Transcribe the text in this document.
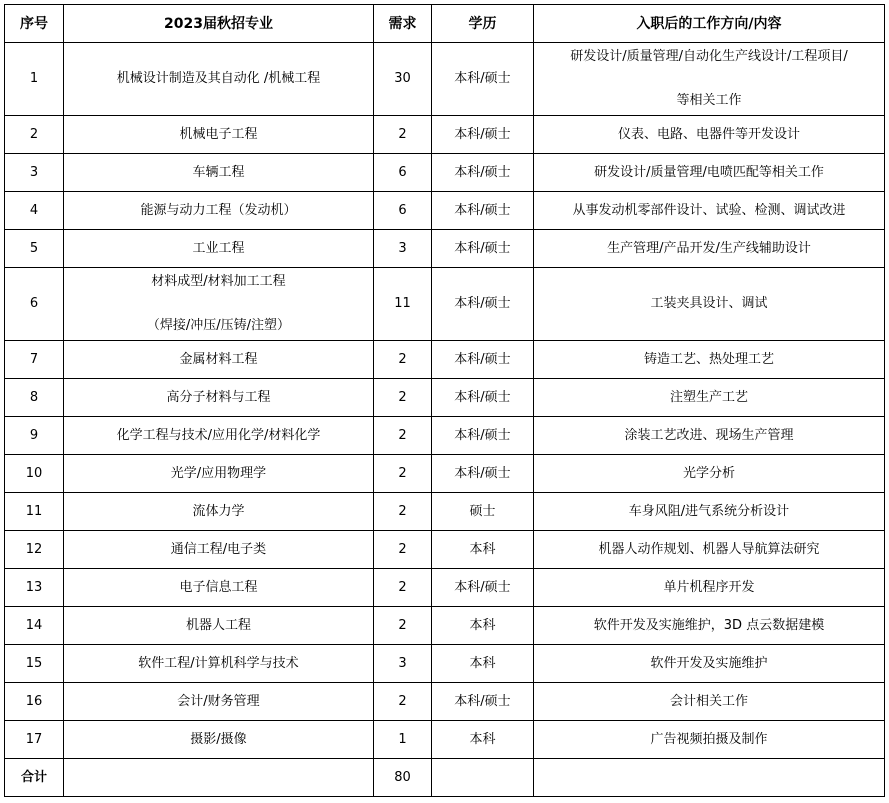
序号	2023届秋招专业	需求	学历	入职后的工作方向/内容
1	机械设计制造及其自动化 /机械工程	30	本科/硕士	研发设计/质量管理/自动化生产线设计/工程项目/
等相关工作

2	机械电子工程	2	本科/硕士	仪表、电路、电器件等开发设计
3	车辆工程	6	本科/硕士	研发设计/质量管理/电喷匹配等相关工作
4	能源与动力工程（发动机）	6	本科/硕士	从事发动机零部件设计、试验、检测、调试改进
5	工业工程	3	本科/硕士	生产管理/产品开发/生产线辅助设计
6	材料成型/材料加工工程
（焊接/冲压/压铸/注塑）	11	本科/硕士	工装夹具设计、调试
7	金属材料工程	2	本科/硕士	铸造工艺、热处理工艺
8	高分子材料与工程	2	本科/硕士	注塑生产工艺
9	化学工程与技术/应用化学/材料化学	2	本科/硕士	涂装工艺改进、现场生产管理
10	光学/应用物理学	2	本科/硕士	光学分析
11	流体力学	2	硕士	车身风阻/进气系统分析设计
12	通信工程/电子类	2	本科	机器人动作规划、机器人导航算法研究
13	电子信息工程	2	本科/硕士	单片机程序开发
14	机器人工程	2	本科	软件开发及实施维护，3D 点云数据建模
15	软件工程/计算机科学与技术	3	本科	软件开发及实施维护
16	会计/财务管理	2	本科/硕士	会计相关工作
17	摄影/摄像	1	本科	广告视频拍摄及制作
合计		80		
